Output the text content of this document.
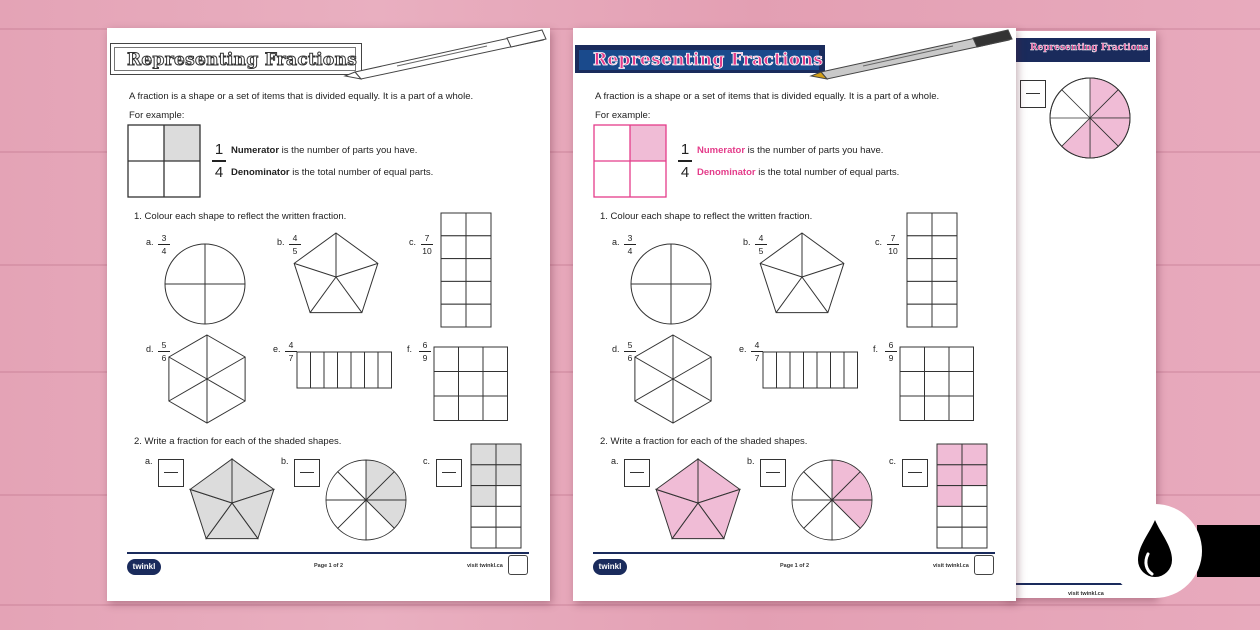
Representing Fractions
visit twinkl.ca
Representing Fractions
A fraction is a shape or a set of items that is divided equally. It is a part of a whole.
For example:
1
4
Numerator is the number of parts you have.
Denominator is the total number of equal parts.
1. Colour each shape to reflect the written fraction.
a. 3
4
b. 4
5
c.	7
10
d. 5
6
e. 4
7
f.	6
9
2. Write a fraction for each of the shaded shapes.
a.	b.	c.
twinkl	Page 1 of 2	visit twinkl.ca
Representing Fractions
A fraction is a shape or a set of items that is divided equally. It is a part of a whole.
For example:
1
4
Numerator is the number of parts you have.
Denominator is the total number of equal parts.
1. Colour each shape to reflect the written fraction.
a. 3
4
b. 4
5
c.	7
10
d. 5
6
e. 4
7
f.	6
9
2. Write a fraction for each of the shaded shapes.
a.	b.	c.
twinkl	Page 1 of 2	visit twinkl.ca
